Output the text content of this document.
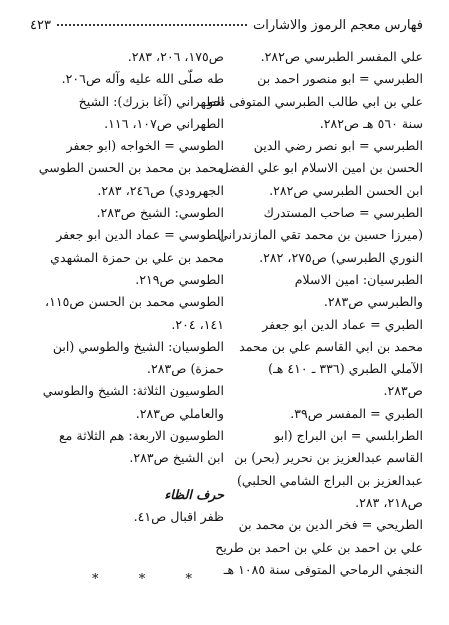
فهارس معجم الرموز والاشارات
٤٢٣
علي المفسر الطبرسي ص٢٨٢.
الطبرسي = ابو منصور احمد بن
علي بن ابي طالب الطبرسي المتوفى نحو
سنة ٥٦٠ هـ ص٢٨٢.
الطبرسي = ابو نصر رضي الدين
الحسن بن امين الاسلام ابو علي الفضل
ابن الحسن الطبرسي ص٢٨٢.
الطبرسي = صاحب المستدرك
(ميرزا حسين بن محمد تقي المازندراني
النوري الطبرسي) ص٢٧٥، ٢٨٢.
الطبرسيان: امين الاسلام
والطبرسي ص٢٨٣.
الطبري = عماد الدين ابو جعفر
محمد بن ابي القاسم علي بن محمد
الآملي الطبري (٣٣٦ ـ ٤١٠ هـ)
ص٢٨٣.
الطبري = المفسر ص٣٩.
الطرابلسي = ابن البراج (ابو
القاسم عبدالعزيز بن نحرير (بحر) بن
عبدالعزيز بن البراج الشامي الحلبي)
ص٢١٨، ٢٨٣.
الطريحي = فخر الدين بن محمد بن
علي بن احمد بن علي بن احمد بن طريح
النجفي الرماحي المتوفى سنة ١٠٨٥ هـ
ص١٧٥، ٢٠٦، ٢٨٣.
طه صلّى الله عليه وآله ص٢٠٦.
الطهراني (آغا بزرك): الشيخ
الطهراني ص١٠٧، ١١٦.
الطوسي = الخواجه (ابو جعفر
محمد بن محمد بن الحسن الطوسي
الجهرودي) ص٢٤٦، ٢٨٣.
الطوسي: الشيخ ص٢٨٣.
الطوسي = عماد الدين ابو جعفر
محمد بن علي بن حمزة المشهدي
الطوسي ص٢١٩.
الطوسي محمد بن الحسن ص١١٥،
١٤١، ٢٠٤.
الطوسيان: الشيخ والطوسي (ابن
حمزة) ص٢٨٣.
الطوسيون الثلاثة: الشيخ والطوسي
والعاملي ص٢٨٣.
الطوسيون الاربعة: هم الثلاثة مع
ابن الشيخ ص٢٨٣.
حرف الظاء
ظفر اقبال ص٤١.
*
*
*
